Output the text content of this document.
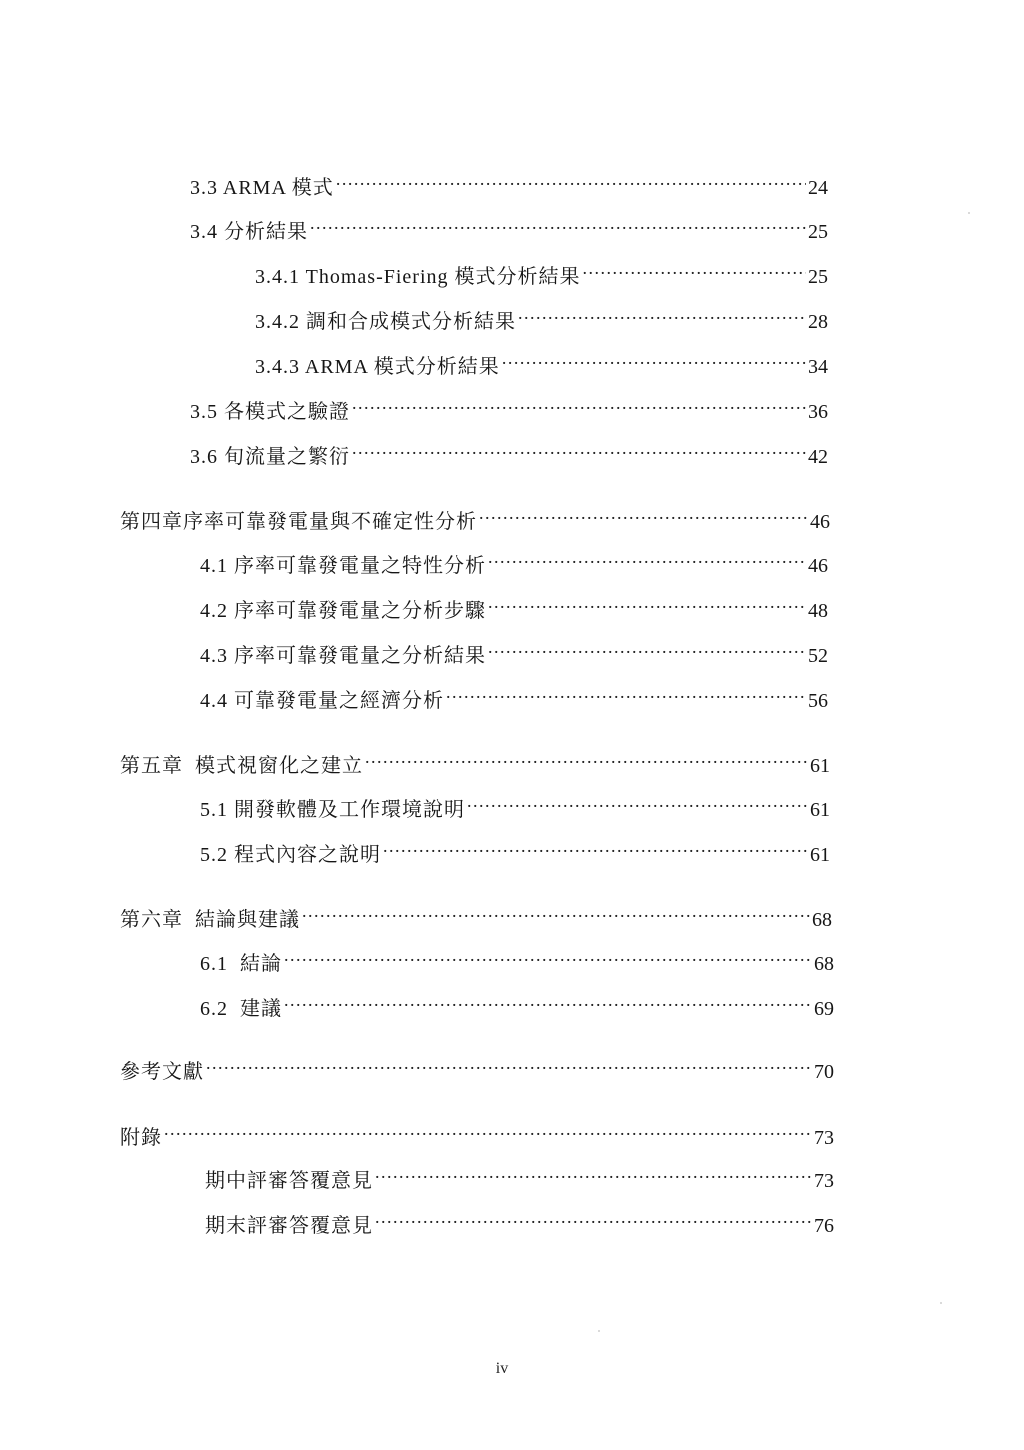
3.3 ARMA 模式 .....	24
3.4 分析結果 .....	25
3.4.1 Thomas-Fiering 模式分析結果 .....	25
3.4.2 調和合成模式分析結果 .....	28
3.4.3 ARMA 模式分析結果 .....	34
3.5 各模式之驗證 .....	36
3.6 旬流量之繁衍 .....	42
第四章序率可靠發電量與不確定性分析 .....	46
4.1 序率可靠發電量之特性分析 .....	46
4.2 序率可靠發電量之分析步驟 .....	48
4.3 序率可靠發電量之分析結果 .....	52
4.4 可靠發電量之經濟分析 .....	56
第五章  模式視窗化之建立 .....	61
5.1 開發軟體及工作環境說明 .....	61
5.2 程式內容之說明 .....	61
第六章  結論與建議 .....	68
6.1  結論 .....	68
6.2  建議 .....	69
參考文獻 .....	70
附錄 .....	73
期中評審答覆意見 .....	73
期末評審答覆意見 .....	76
iv
